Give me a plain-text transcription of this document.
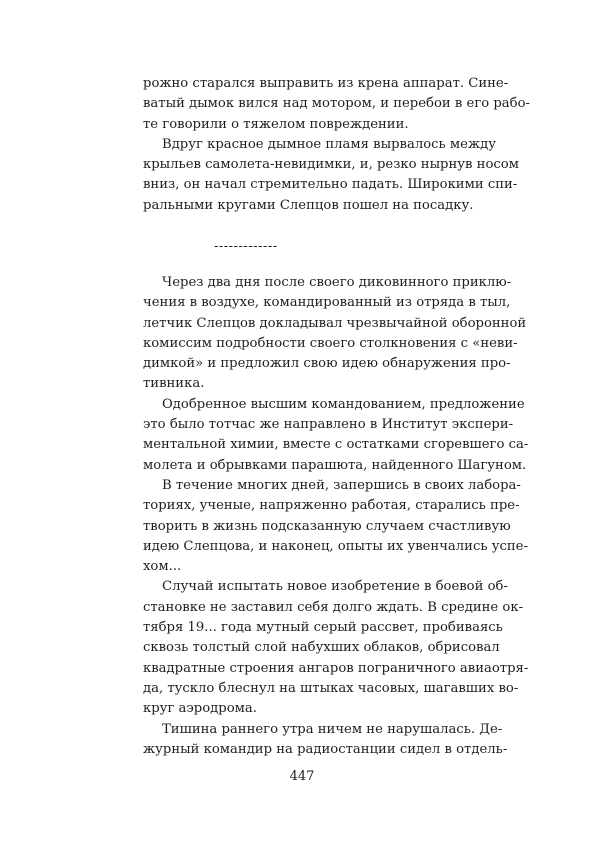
рожно старался выправить из крена аппарат. Сине-
ватый дымок вился над мотором, и перебои в его рабо-
те говорили о тяжелом повреждении.

Вдруг красное дымное пламя вырвалось между
крыльев самолета-невидимки, и, резко нырнув носом
вниз, он начал стремительно падать. Широкими спи-
ральными кругами Слепцов пошел на посадку.

-------------

Через два дня после своего диковинного приклю-
чения в воздухе, командированный из отряда в тыл,
летчик Слепцов докладывал чрезвычайной оборонной
комиссим подробности своего столкновения с «неви-
димкой» и предложил свою идею обнаружения про-
тивника.

Одобренное высшим командованием, предложение
это было тотчас же направлено в Институт экспери-
ментальной химии, вместе с остатками сгоревшего са-
молета и обрывками парашюта, найденного Шагуном.

В течение многих дней, запершись в своих лабора-
ториях, ученые, напряженно работая, старались пре-
творить в жизнь подсказанную случаем счастливую
идею Слепцова, и наконец, опыты их увенчались успе-
хом...

Случай испытать новое изобретение в боевой об-
становке не заставил себя долго ждать. В средине ок-
тября 19... года мутный серый рассвет, пробиваясь
сквозь толстый слой набухших облаков, обрисовал
квадратные строения ангаров пограничного авиаотря-
да, тускло блеснул на штыках часовых, шагавших во-
круг аэродрома.

Тишина раннего утра ничем не нарушалась. Де-
журный командир на радиостанции сидел в отдель-

447
